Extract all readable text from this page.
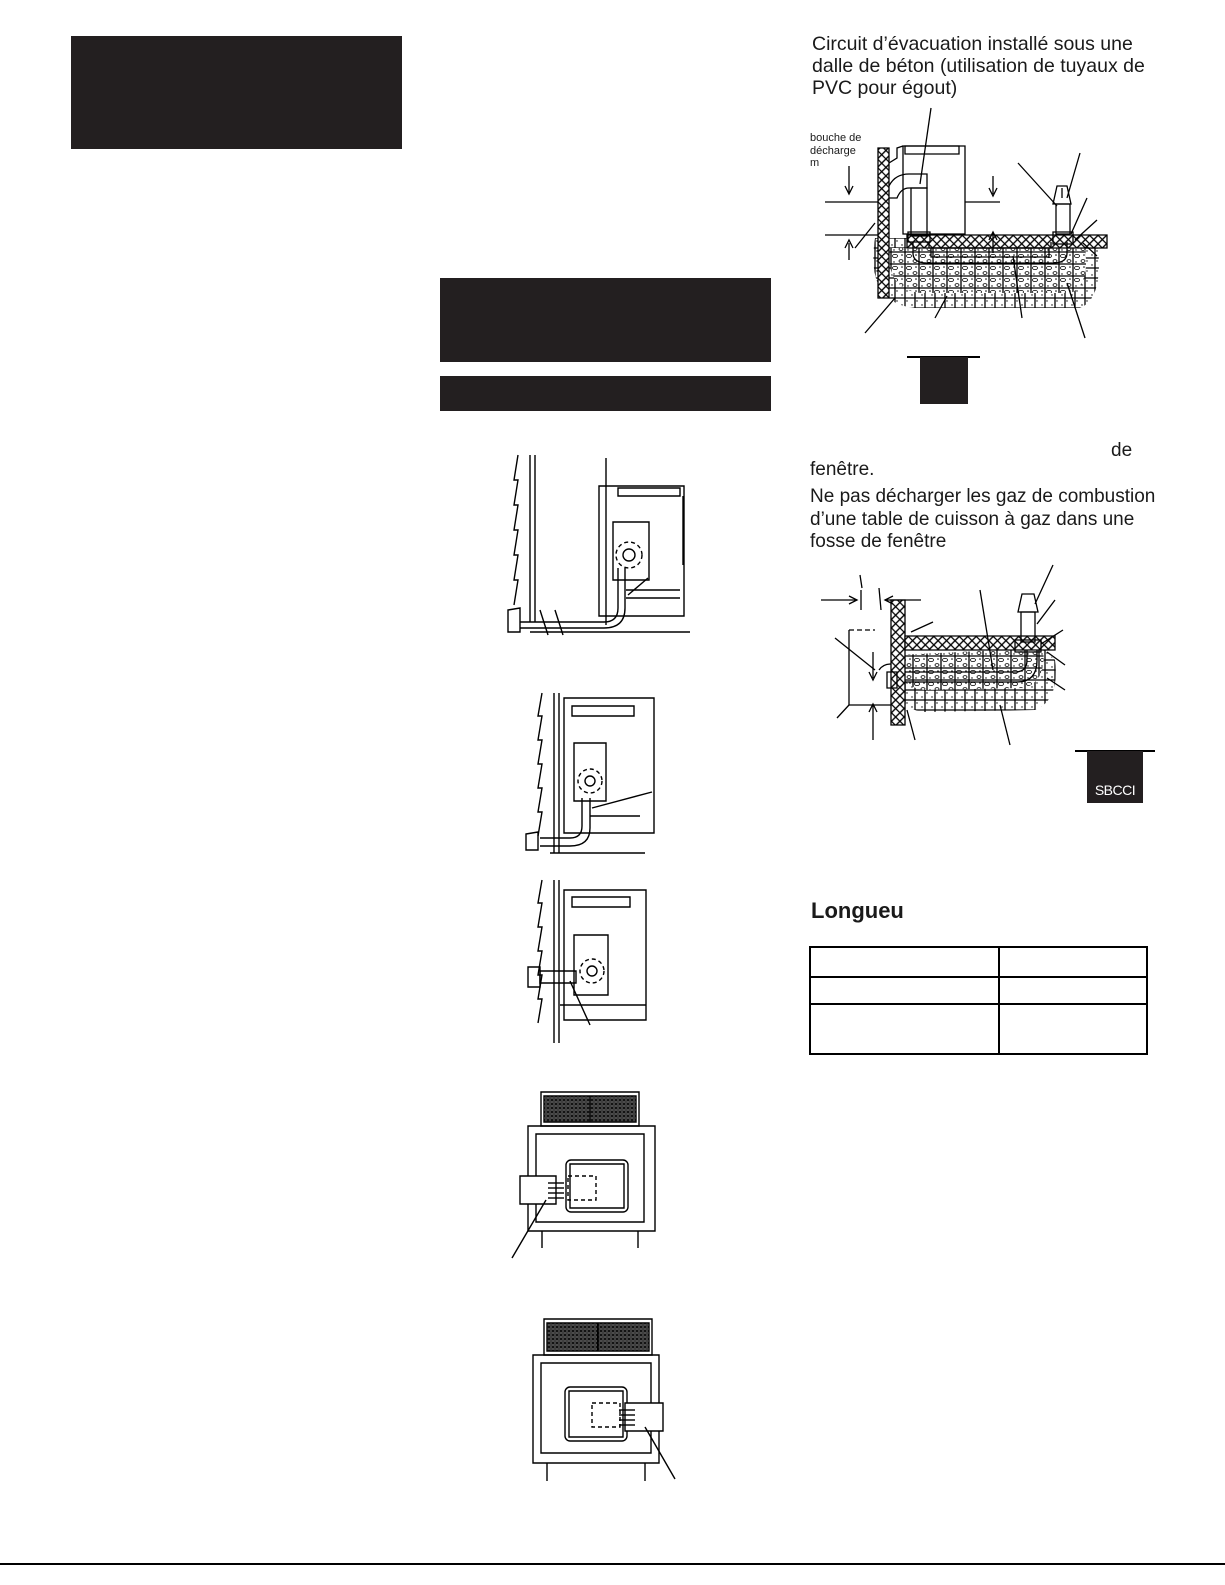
Circuit d’évacuation installé sous une dalle de béton (utilisation de tuyaux de PVC pour égout)

bouche de
décharge
m
de
fenêtre.

Ne pas décharger les gaz de combustion d’une table de cuisson à gaz dans une fosse de fenêtre

SBCCI
Longueu
